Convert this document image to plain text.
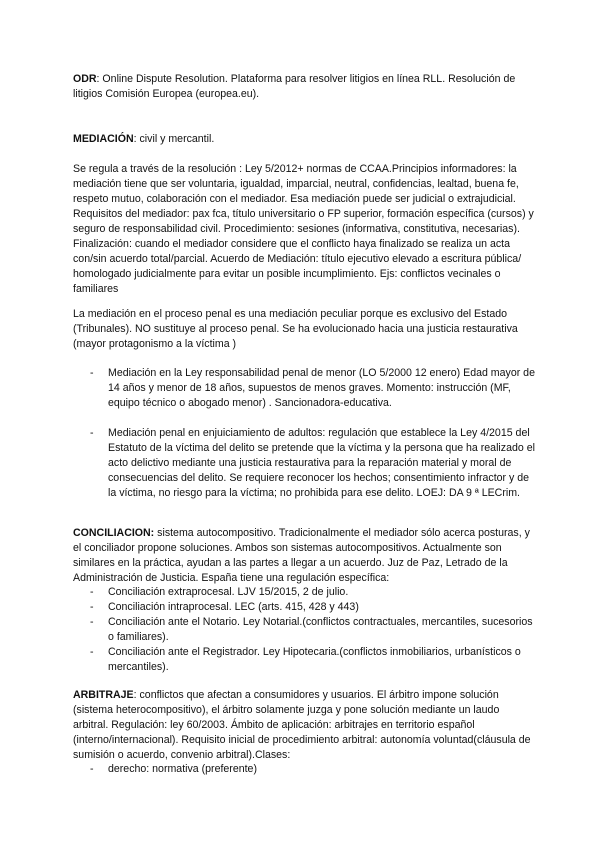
ODR: Online Dispute Resolution. Plataforma para resolver litigios en línea RLL. Resolución de litigios Comisión Europea (europea.eu).

MEDIACIÓN: civil y mercantil.

Se regula a través de la resolución : Ley 5/2012+ normas de CCAA.Principios informadores: la mediación tiene que ser voluntaria, igualdad, imparcial, neutral, confidencias, lealtad, buena fe, respeto mutuo, colaboración con el mediador. Esa mediación puede ser judicial o extrajudicial. Requisitos del mediador: pax fca, título universitario o FP superior, formación específica (cursos) y seguro de responsabilidad civil. Procedimiento: sesiones (informativa, constitutiva, necesarias). Finalización: cuando el mediador considere que el conflicto haya finalizado se realiza un acta con/sin acuerdo total/parcial. Acuerdo de Mediación: título ejecutivo elevado a escritura pública/ homologado judicialmente para evitar un posible incumplimiento. Ejs: conflictos vecinales o familiares

La mediación en el proceso penal es una mediación peculiar porque es exclusivo del Estado (Tribunales). NO sustituye al proceso penal. Se ha evolucionado hacia una justicia restaurativa (mayor protagonismo a la víctima )

- Mediación en la Ley responsabilidad penal de menor (LO 5/2000 12 enero) Edad mayor de 14 años y menor de 18 años, supuestos de menos graves. Momento: instrucción (MF, equipo técnico o abogado menor) . Sancionadora-educativa.
- Mediación penal en enjuiciamiento de adultos: regulación que establece la Ley 4/2015 del Estatuto de la víctima del delito se pretende que la víctima y la persona que ha realizado el acto delictivo mediante una justicia restaurativa para la reparación material y moral de consecuencias del delito. Se requiere reconocer los hechos; consentimiento infractor y de la víctima, no riesgo para la víctima; no prohibida para ese delito. LOEJ: DA 9 ª LECrim.

CONCILIACION: sistema autocompositivo. Tradicionalmente el mediador sólo acerca posturas, y el conciliador propone soluciones. Ambos son sistemas autocompositivos. Actualmente son similares en la práctica, ayudan a las partes a llegar a un acuerdo. Juz de Paz, Letrado de la Administración de Justicia. España tiene una regulación específica:

- Conciliación extraprocesal. LJV 15/2015, 2 de julio.
- Conciliación intraprocesal. LEC (arts. 415, 428 y 443)
- Conciliación ante el Notario. Ley Notarial.(conflictos contractuales, mercantiles, sucesorios o familiares).
- Conciliación ante el Registrador. Ley Hipotecaria.(conflictos inmobiliarios, urbanísticos o mercantiles).

ARBITRAJE: conflictos que afectan a consumidores y usuarios. El árbitro impone solución (sistema heterocompositivo), el árbitro solamente juzga y pone solución mediante un laudo arbitral. Regulación: ley 60/2003. Ámbito de aplicación: arbitrajes en territorio español (interno/internacional). Requisito inicial de procedimiento arbitral: autonomía voluntad(cláusula de sumisión o acuerdo, convenio arbitral).Clases:

- derecho: normativa (preferente)
